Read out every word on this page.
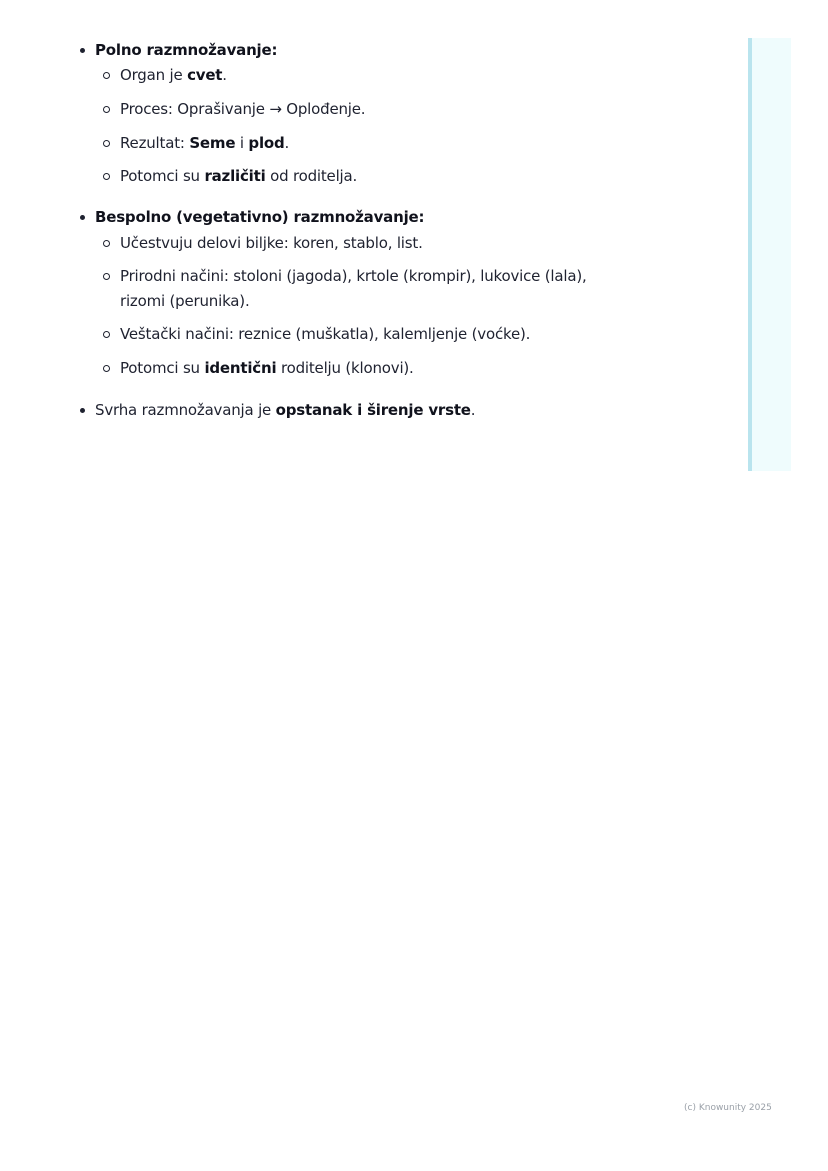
Polno razmnožavanje:
Organ je cvet.
Proces: Oprašivanje → Oplođenje.
Rezultat: Seme i plod.
Potomci su različiti od roditelja.
Bespolno (vegetativno) razmnožavanje:
Učestvuju delovi biljke: koren, stablo, list.
Prirodni načini: stoloni (jagoda), krtole (krompir), lukovice (lala),
rizomi (perunika).
Veštački načini: reznice (muškatla), kalemljenje (voćke).
Potomci su identični roditelju (klonovi).
Svrha razmnožavanja je opstanak i širenje vrste.
(c) Knowunity 2025
